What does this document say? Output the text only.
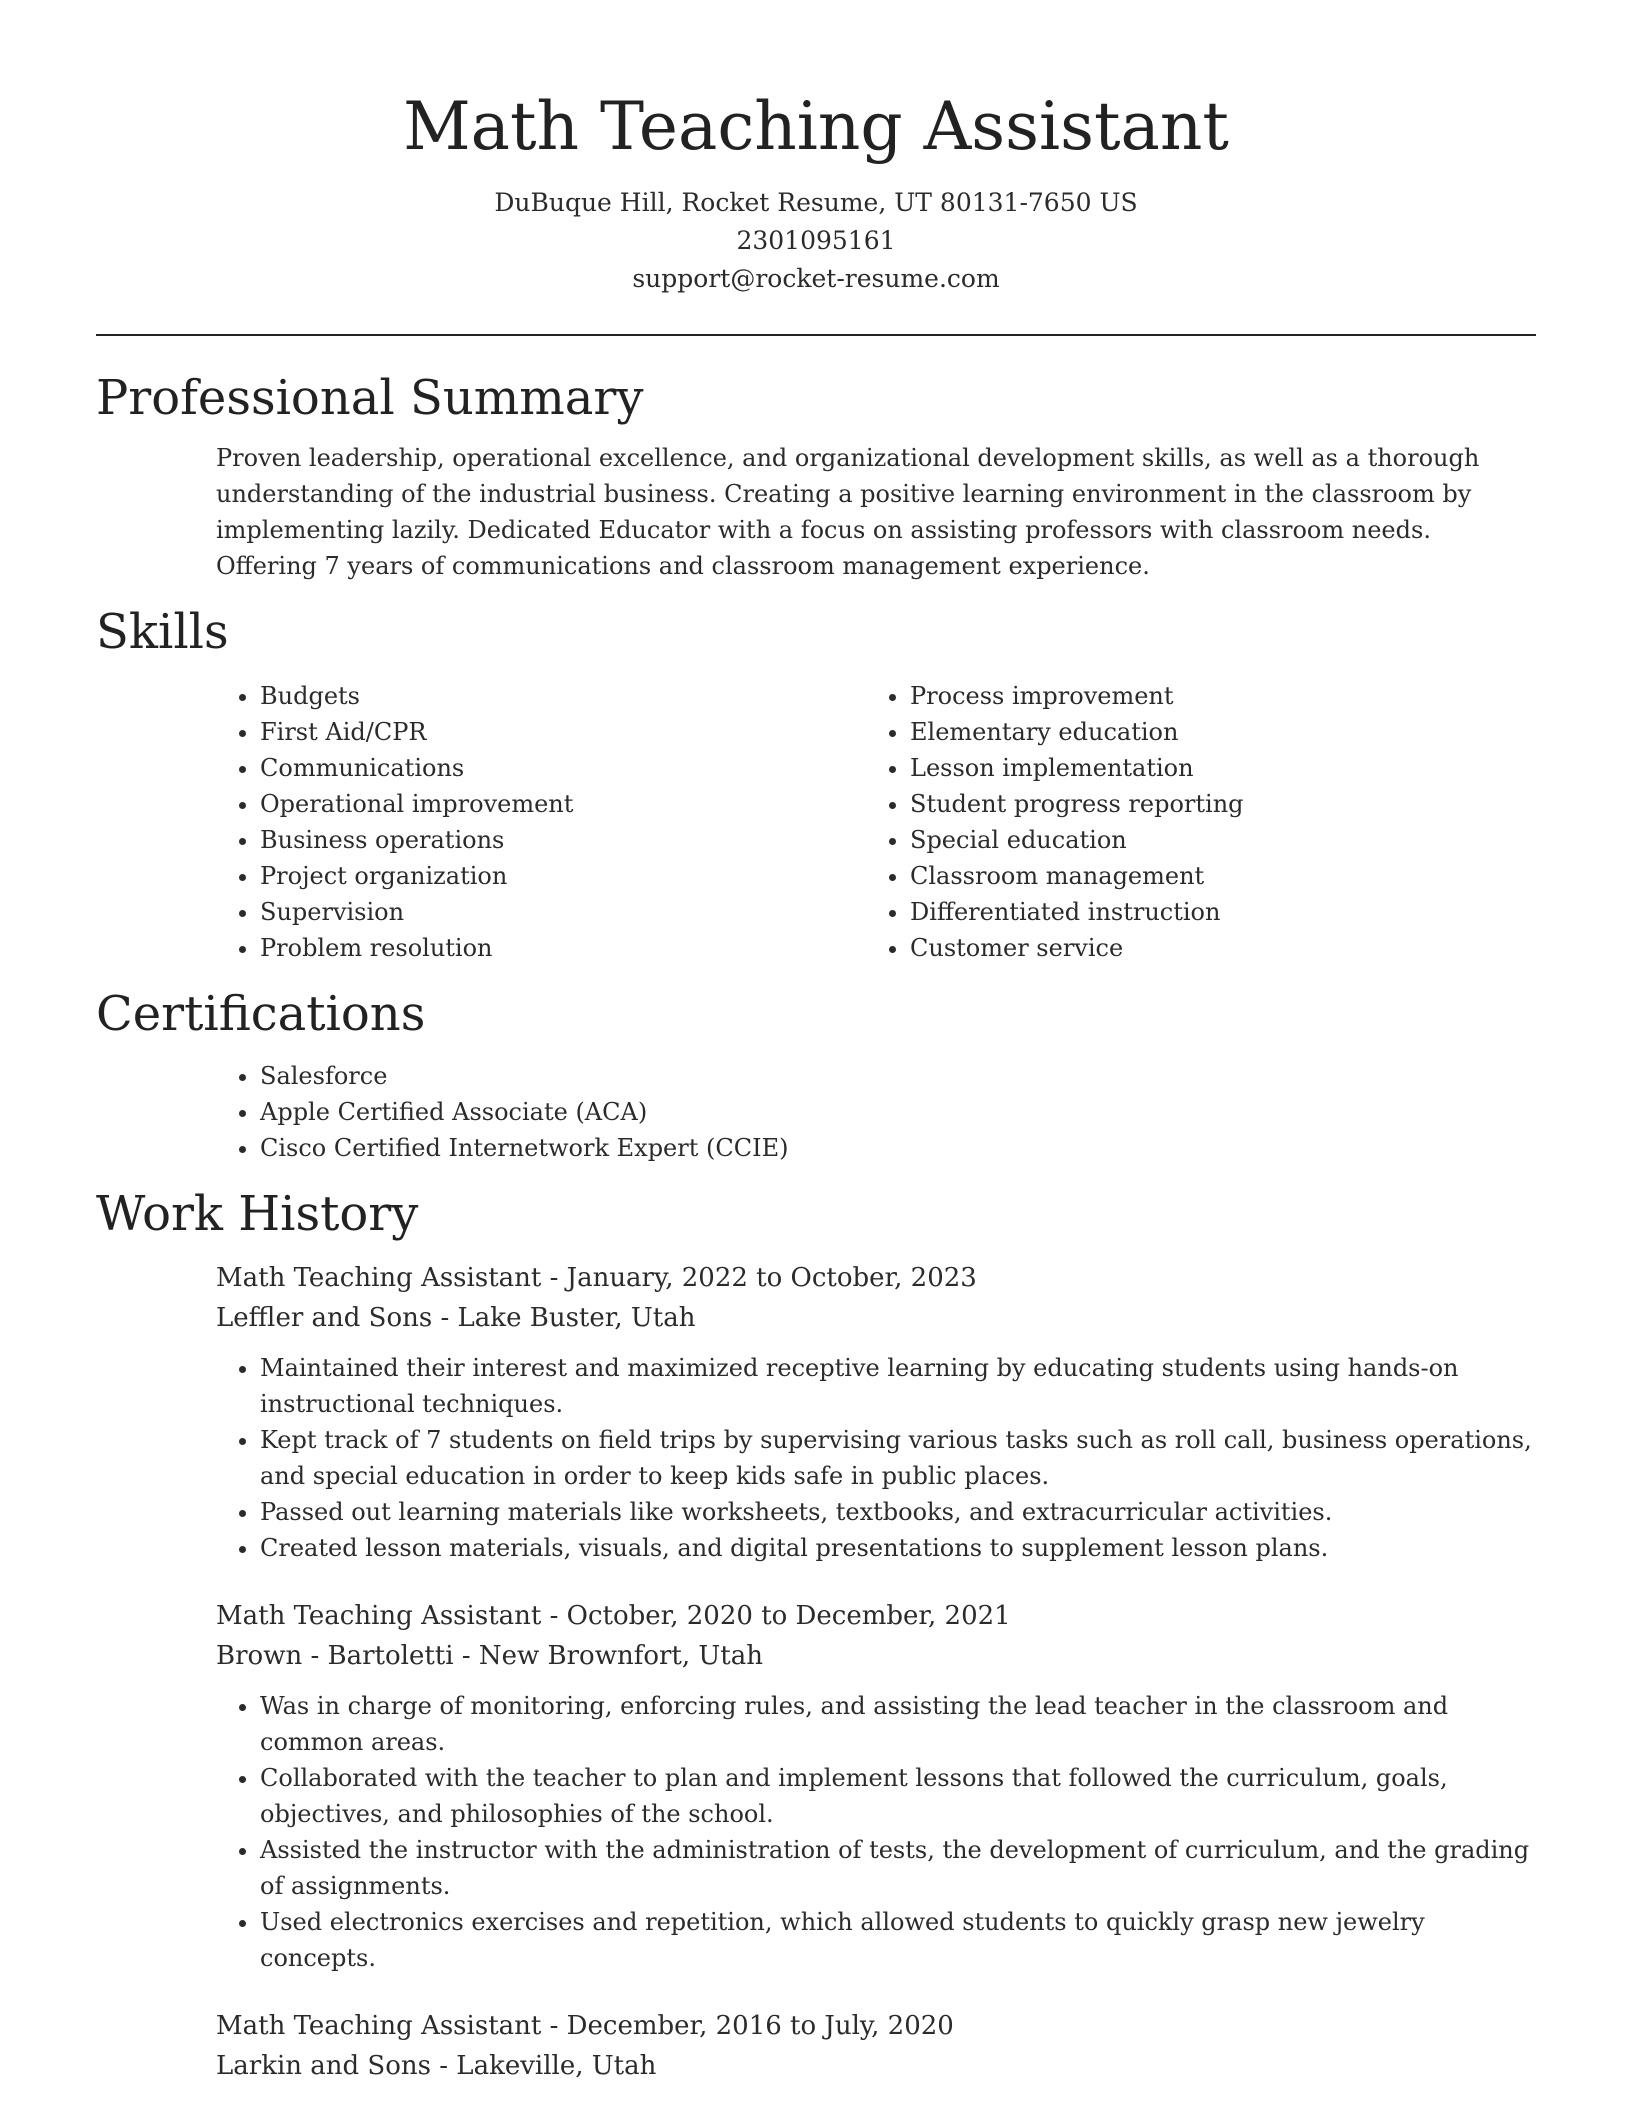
Math Teaching Assistant
DuBuque Hill, Rocket Resume, UT 80131-7650 US
2301095161
support@rocket-resume.com
Professional Summary

Proven leadership, operational excellence, and organizational development skills, as well as a thorough understanding of the industrial business. Creating a positive learning environment in the classroom by implementing lazily. Dedicated Educator with a focus on assisting professors with classroom needs. Offering 7 years of communications and classroom management experience.

Skills
• Budgets
• First Aid/CPR
• Communications
• Operational improvement
• Business operations
• Project organization
• Supervision
• Problem resolution
• Process improvement
• Elementary education
• Lesson implementation
• Student progress reporting
• Special education
• Classroom management
• Differentiated instruction
• Customer service
Certifications
• Salesforce
• Apple Certified Associate (ACA)
• Cisco Certified Internetwork Expert (CCIE)
Work History
Math Teaching Assistant - January, 2022 to October, 2023
Leffler and Sons - Lake Buster, Utah
• Maintained their interest and maximized receptive learning by educating students using hands-on instructional techniques.
• Kept track of 7 students on field trips by supervising various tasks such as roll call, business operations, and special education in order to keep kids safe in public places.
• Passed out learning materials like worksheets, textbooks, and extracurricular activities.
• Created lesson materials, visuals, and digital presentations to supplement lesson plans.
Math Teaching Assistant - October, 2020 to December, 2021
Brown - Bartoletti - New Brownfort, Utah
• Was in charge of monitoring, enforcing rules, and assisting the lead teacher in the classroom and common areas.
• Collaborated with the teacher to plan and implement lessons that followed the curriculum, goals, objectives, and philosophies of the school.
• Assisted the instructor with the administration of tests, the development of curriculum, and the grading of assignments.
• Used electronics exercises and repetition, which allowed students to quickly grasp new jewelry concepts.
Math Teaching Assistant - December, 2016 to July, 2020
Larkin and Sons - Lakeville, Utah
